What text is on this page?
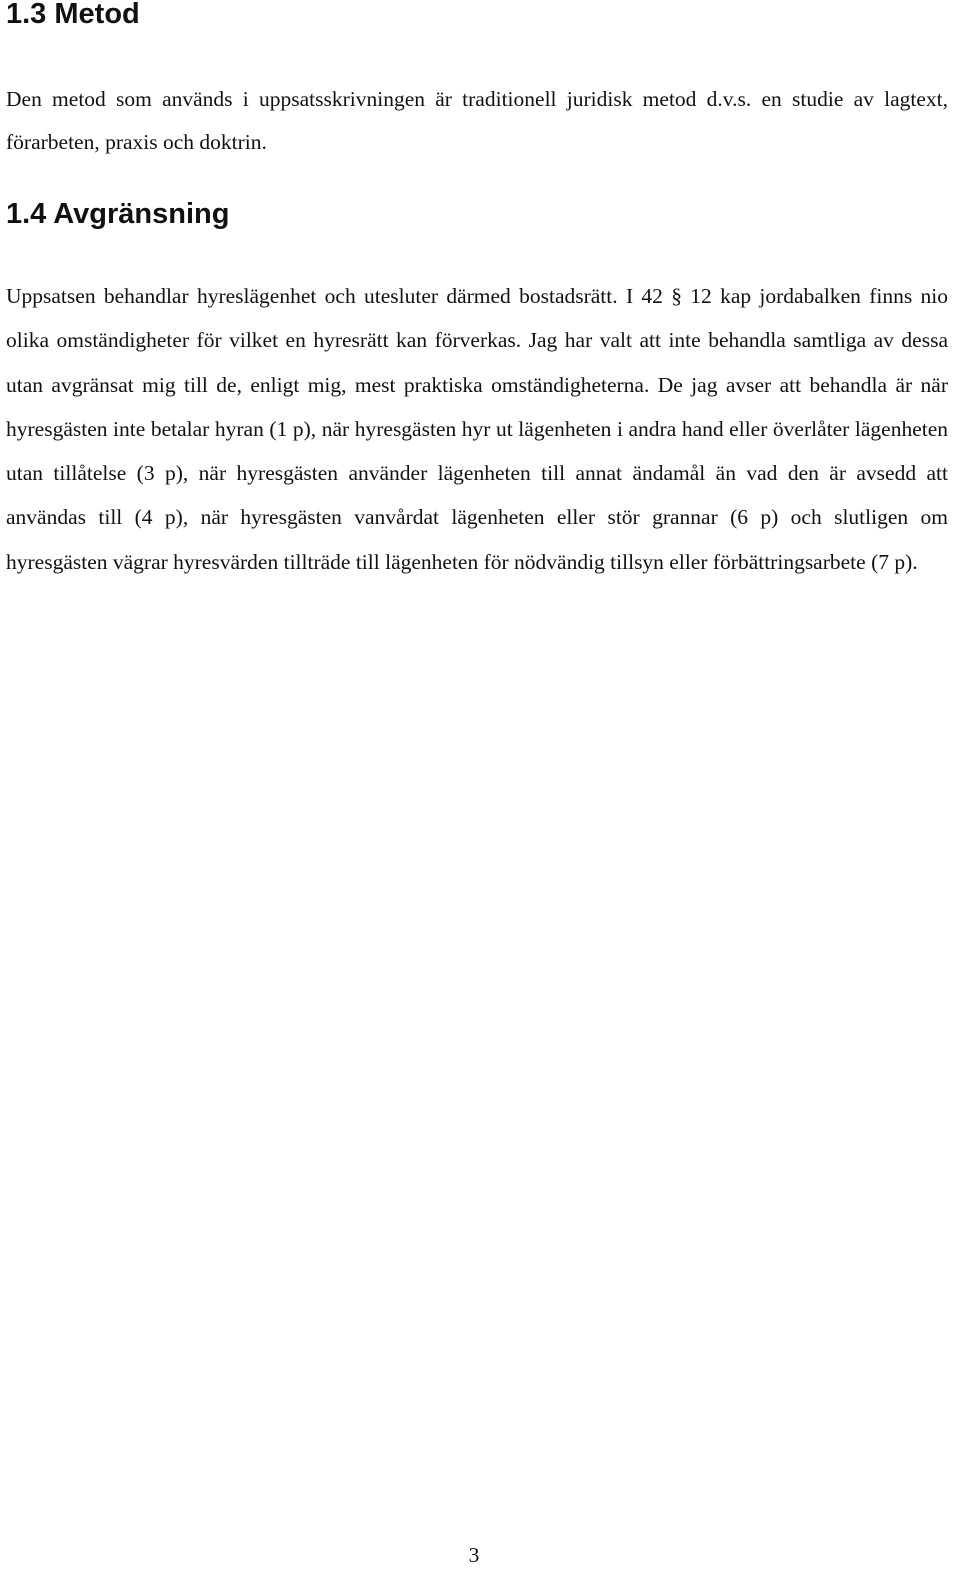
1.3 Metod

Den metod som används i uppsatsskrivningen är traditionell juridisk metod d.v.s. en studie av lagtext, förarbeten, praxis och doktrin.

1.4 Avgränsning

Uppsatsen behandlar hyreslägenhet och utesluter därmed bostadsrätt. I 42 § 12 kap jordabalken finns nio olika omständigheter för vilket en hyresrätt kan förverkas. Jag har valt att inte behandla samtliga av dessa utan avgränsat mig till de, enligt mig, mest praktiska omständigheterna. De jag avser att behandla är när hyresgästen inte betalar hyran (1 p), när hyresgästen hyr ut lägenheten i andra hand eller överlåter lägenheten utan tillåtelse (3 p), när hyresgästen använder lägenheten till annat ändamål än vad den är avsedd att användas till (4 p), när hyresgästen vanvårdat lägenheten eller stör grannar (6 p) och slutligen om hyresgästen vägrar hyresvärden tillträde till lägenheten för nödvändig tillsyn eller förbättringsarbete (7 p).

3
